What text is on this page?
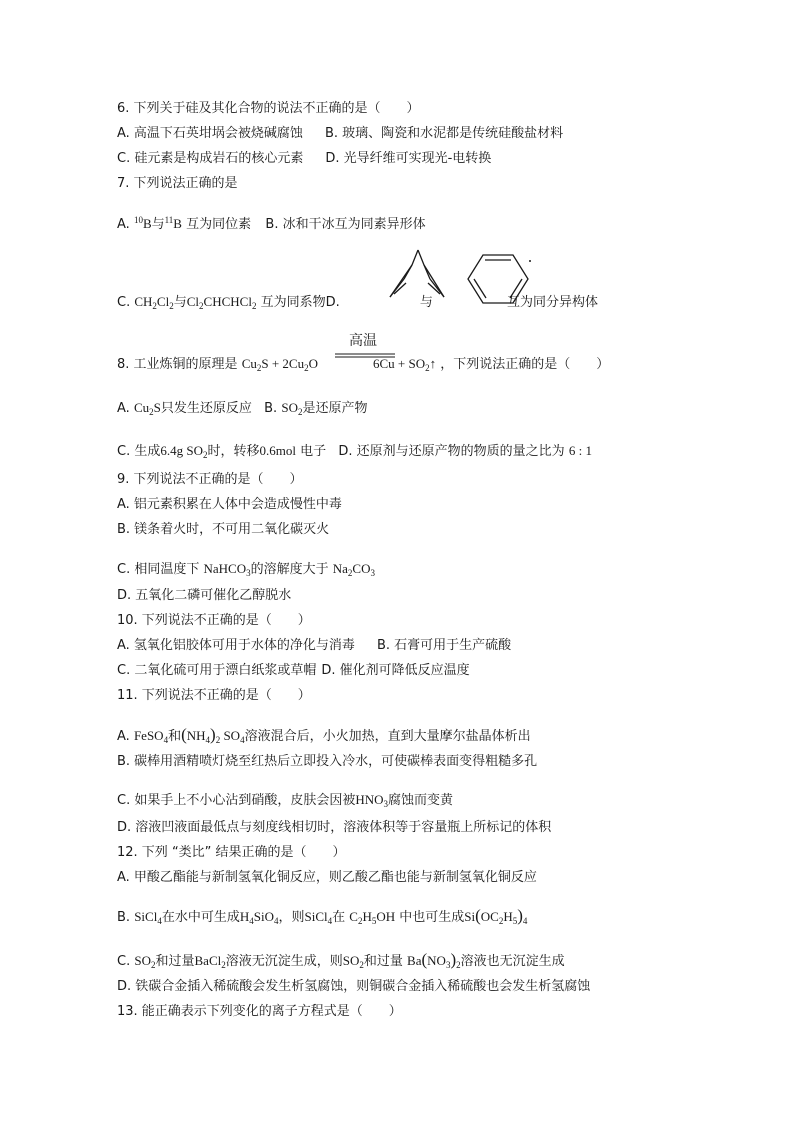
6. 下列关于硅及其化合物的说法不正确的是（　　）
A. 高温下石英坩埚会被烧碱腐蚀 B. 玻璃、陶瓷和水泥都是传统硅酸盐材料
C. 硅元素是构成岩石的核心元素 D. 光导纤维可实现光-电转换
7. 下列说法正确的是
A. $^{10}$B与$^{11}$B 互为同位素 B. 冰和干冰互为同素异形体
C. $CH_2Cl_2$与$Cl_2CHCHCl_2$ 互为同系物D.	与	互为同分异构体
高温
8. 工业炼铜的原理是 $Cu_2S + 2Cu_2O$	$6Cu + SO_2↑$ ，下列说法正确的是（　　）
A. $Cu_2S$只发生还原反应 B. $SO_2$是还原产物
C. 生成6.4g $SO_2$时，转移0.6mol 电子 D. 还原剂与还原产物的物质的量之比为 6 : 1
9. 下列说法不正确的是（　　）
A. 铝元素积累在人体中会造成慢性中毒
B. 镁条着火时，不可用二氧化碳灭火
C. 相同温度下 NaHCO$_3$的溶解度大于 $Na_2CO_3$
D. 五氧化二磷可催化乙醇脱水
10. 下列说法不正确的是（　　）
A. 氢氧化铝胶体可用于水体的净化与消毒 B. 石膏可用于生产硫酸
C. 二氧化硫可用于漂白纸浆或草帽 D. 催化剂可降低反应温度
11. 下列说法不正确的是（　　）
A. FeSO$_4$和$(NH_4)_2$ $SO_4$溶液混合后，小火加热，直到大量摩尔盐晶体析出
B. 碳棒用酒精喷灯烧至红热后立即投入冷水，可使碳棒表面变得粗糙多孔
C. 如果手上不小心沾到硝酸，皮肤会因被$HNO_3$腐蚀而变黄
D. 溶液凹液面最低点与刻度线相切时，溶液体积等于容量瓶上所标记的体积
12. 下列 “类比” 结果正确的是（　　）
A. 甲酸乙酯能与新制氢氧化铜反应，则乙酸乙酯也能与新制氢氧化铜反应
B. SiCl$_4$在水中可生成$H_4SiO_4$，则SiCl$_4$在 $C_2H_5OH$ 中也可生成$Si(OC_2H_5)_4$
C. $SO_2$和过量BaCl$_2$溶液无沉淀生成，则$SO_2$和过量 $Ba(NO_3)_2$溶液也无沉淀生成
D. 铁碳合金插入稀硫酸会发生析氢腐蚀，则铜碳合金插入稀硫酸也会发生析氢腐蚀
13. 能正确表示下列变化的离子方程式是（　　）
